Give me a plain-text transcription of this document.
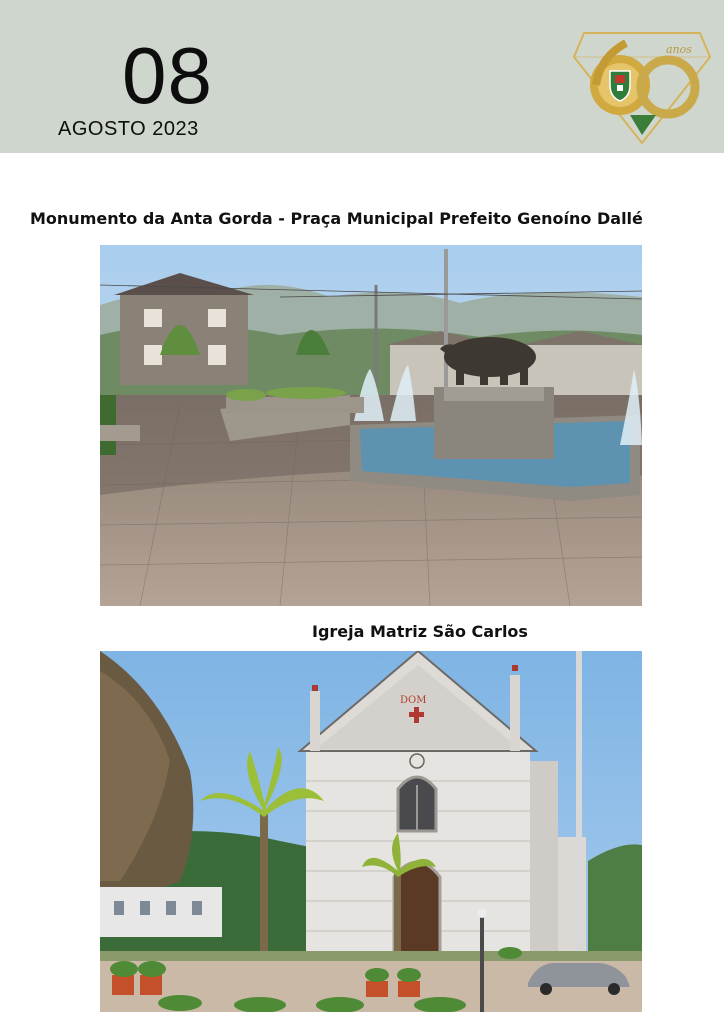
08
AGOSTO 2023
anos
Monumento da Anta Gorda - Praça Municipal Prefeito Genoíno Dallé
Igreja Matriz São Carlos
DOM
